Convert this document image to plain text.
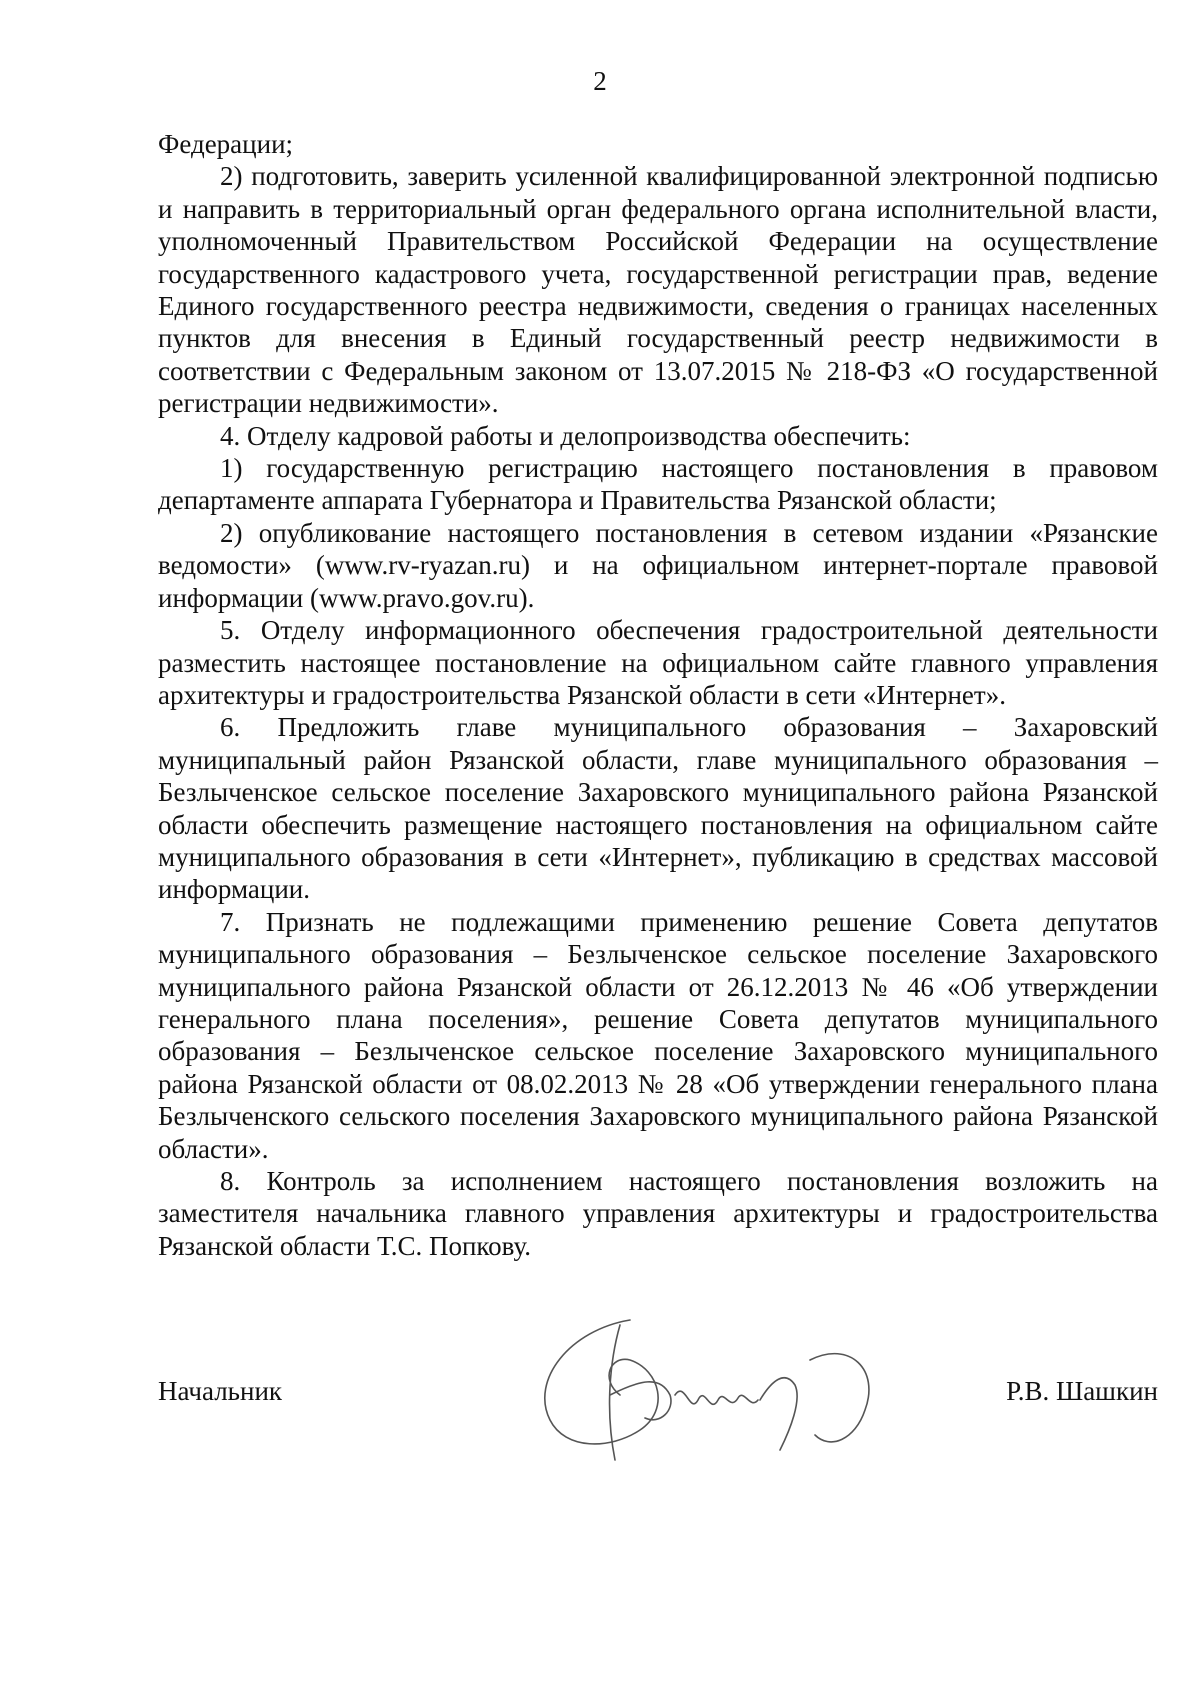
2

Федерации;

2) подготовить, заверить усиленной квалифицированной электронной подписью и направить в территориальный орган федерального органа исполнительной власти, уполномоченный Правительством Российской Федерации на осуществление государственного кадастрового учета, государственной регистрации прав, ведение Единого государственного реестра недвижимости, сведения о границах населенных пунктов для внесения в Единый государственный реестр недвижимости в соответствии с Федеральным законом от 13.07.2015 № 218-ФЗ «О государственной регистрации недвижимости».

4. Отделу кадровой работы и делопроизводства обеспечить:

1) государственную регистрацию настоящего постановления в правовом департаменте аппарата Губернатора и Правительства Рязанской области;

2) опубликование настоящего постановления в сетевом издании «Рязанские ведомости» (www.rv-ryazan.ru) и на официальном интернет-портале правовой информации (www.pravo.gov.ru).

5. Отделу информационного обеспечения градостроительной деятельности разместить настоящее постановление на официальном сайте главного управления архитектуры и градостроительства Рязанской области в сети «Интернет».

6. Предложить главе муниципального образования – Захаровский муниципальный район Рязанской области, главе муниципального образования – Безлыченское сельское поселение Захаровского муниципального района Рязанской области обеспечить размещение настоящего постановления на официальном сайте муниципального образования в сети «Интернет», публикацию в средствах массовой информации.

7. Признать не подлежащими применению решение Совета депутатов муниципального образования – Безлыченское сельское поселение Захаровского муниципального района Рязанской области от 26.12.2013 № 46 «Об утверждении генерального плана поселения», решение Совета депутатов муниципального образования – Безлыченское сельское поселение Захаровского муниципального района Рязанской области от 08.02.2013 № 28 «Об утверждении генерального плана Безлыченского сельского поселения Захаровского муниципального района Рязанской области».

8. Контроль за исполнением настоящего постановления возложить на заместителя начальника главного управления архитектуры и градостроительства Рязанской области Т.С. Попкову.

Начальник	Р.В. Шашкин
